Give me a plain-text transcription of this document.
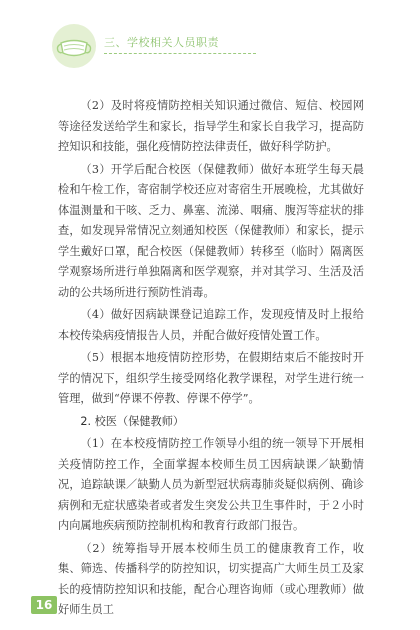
三、学校相关人员职责

（2）及时将疫情防控相关知识通过微信、短信、校园网等途径发送给学生和家长，指导学生和家长自我学习，提高防控知识和技能，强化疫情防控法律责任，做好科学防护。

（3）开学后配合校医（保健教师）做好本班学生每天晨检和午检工作，寄宿制学校还应对寄宿生开展晚检，尤其做好体温测量和干咳、乏力、鼻塞、流涕、咽痛、腹泻等症状的排查，如发现异常情况立刻通知校医（保健教师）和家长，提示学生戴好口罩，配合校医（保健教师）转移至（临时）隔离医学观察场所进行单独隔离和医学观察，并对其学习、生活及活动的公共场所进行预防性消毒。

（4）做好因病缺课登记追踪工作，发现疫情及时上报给本校传染病疫情报告人员，并配合做好疫情处置工作。

（5）根据本地疫情防控形势，在假期结束后不能按时开学的情况下，组织学生接受网络化教学课程，对学生进行统一管理，做到“停课不停教、停课不停学”。

2. 校医（保健教师）

（1）在本校疫情防控工作领导小组的统一领导下开展相关疫情防控工作，全面掌握本校师生员工因病缺课／缺勤情况，追踪缺课／缺勤人员为新型冠状病毒肺炎疑似病例、确诊病例和无症状感染者或者发生突发公共卫生事件时，于２小时内向属地疾病预防控制机构和教育行政部门报告。

（2）统筹指导开展本校师生员工的健康教育工作，收集、筛选、传播科学的防控知识，切实提高广大师生员工及家长的疫情防控知识和技能，配合心理咨询师（或心理教师）做好师生员工

16
